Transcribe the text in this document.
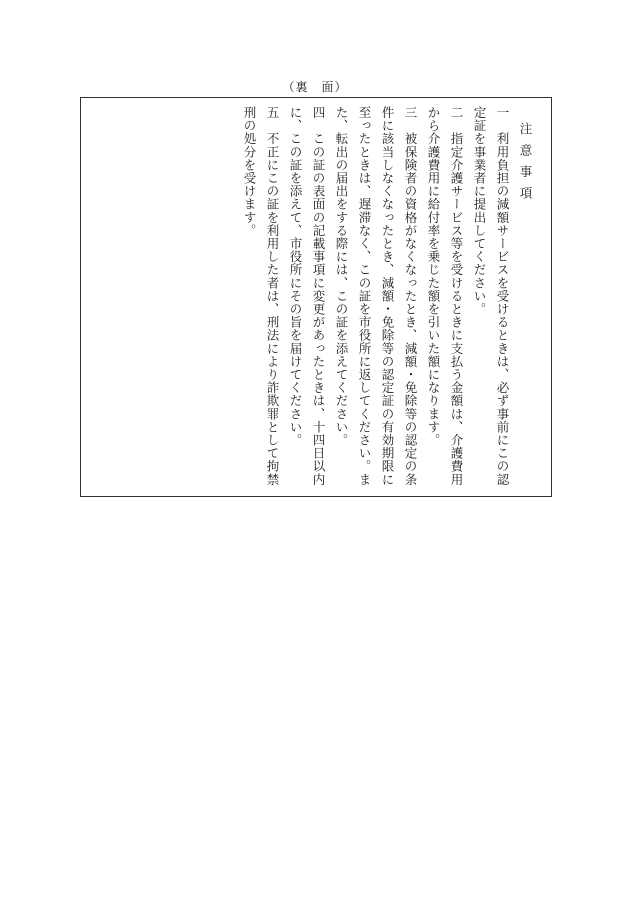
（裏　面）
注意事項
一　利用負担の減額サービスを受けるときは、必ず事前にこの認定証を事業者に提出してください。
二　指定介護サービス等を受けるときに支払う金額は、介護費用から介護費用に給付率を乗じた額を引いた額になります。
三　被保険者の資格がなくなったとき、減額・免除等の認定の条件に該当しなくなったとき、減額・免除等の認定証の有効期限に至ったときは、遅滞なく、この証を市役所に返してください。また、転出の届出をする際には、この証を添えてください。
四　この証の表面の記載事項に変更があったときは、十四日以内に、この証を添えて、市役所にその旨を届けてください。
五　不正にこの証を利用した者は、刑法により詐欺罪として拘禁刑の処分を受けます。
